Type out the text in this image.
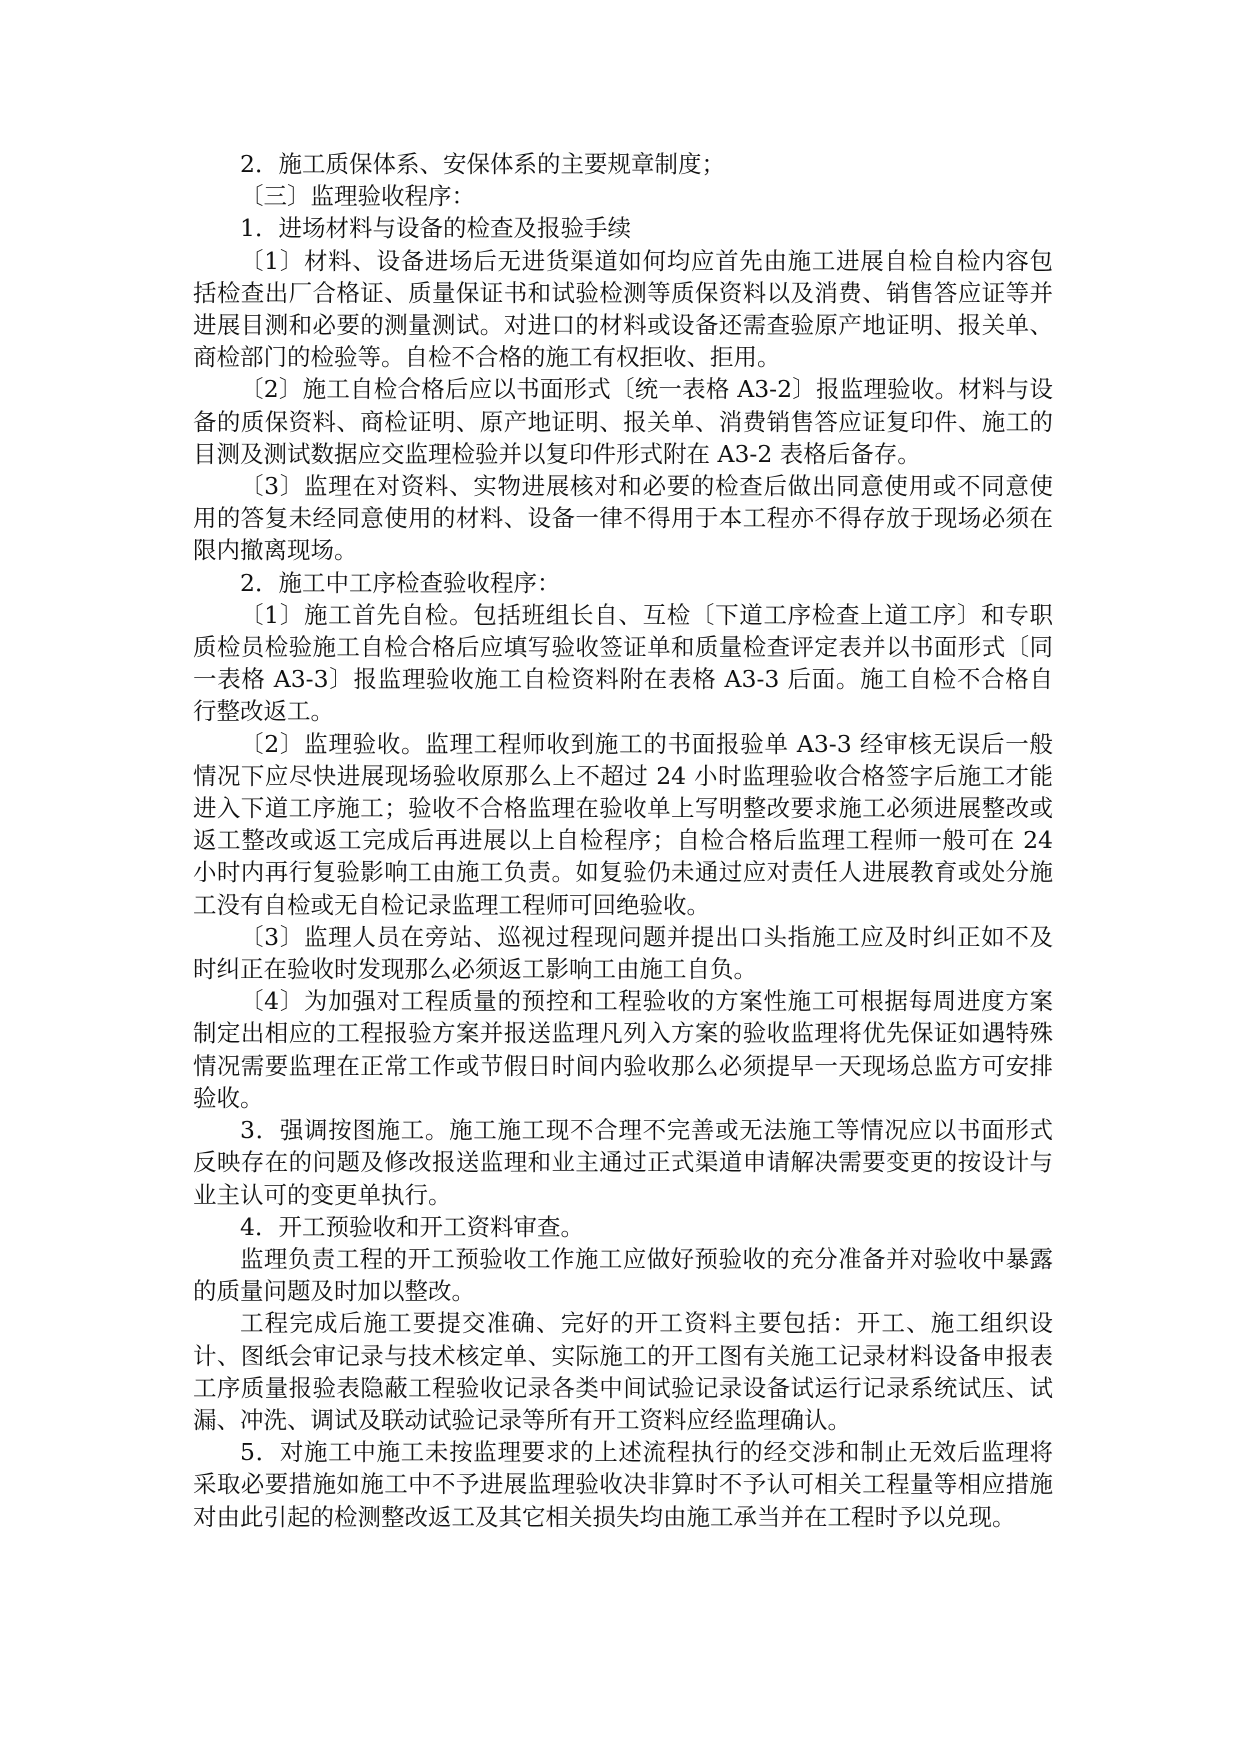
2．施工质保体系、安保体系的主要规章制度；

〔三〕监理验收程序：

1．进场材料与设备的检查及报验手续

〔1〕材料、设备进场后无进货渠道如何均应首先由施工进展自检自检内容包括检查出厂合格证、质量保证书和试验检测等质保资料以及消费、销售答应证等并进展目测和必要的测量测试。对进口的材料或设备还需查验原产地证明、报关单、商检部门的检验等。自检不合格的施工有权拒收、拒用。

〔2〕施工自检合格后应以书面形式〔统一表格 A3-2〕报监理验收。材料与设备的质保资料、商检证明、原产地证明、报关单、消费销售答应证复印件、施工的目测及测试数据应交监理检验并以复印件形式附在 A3-2 表格后备存。

〔3〕监理在对资料、实物进展核对和必要的检查后做出同意使用或不同意使用的答复未经同意使用的材料、设备一律不得用于本工程亦不得存放于现场必须在限内撤离现场。

2．施工中工序检查验收程序：

〔1〕施工首先自检。包括班组长自、互检〔下道工序检查上道工序〕和专职质检员检验施工自检合格后应填写验收签证单和质量检查评定表并以书面形式〔同一表格 A3-3〕报监理验收施工自检资料附在表格 A3-3 后面。施工自检不合格自行整改返工。

〔2〕监理验收。监理工程师收到施工的书面报验单 A3-3 经审核无误后一般情况下应尽快进展现场验收原那么上不超过 24 小时监理验收合格签字后施工才能进入下道工序施工；验收不合格监理在验收单上写明整改要求施工必须进展整改或返工整改或返工完成后再进展以上自检程序；自检合格后监理工程师一般可在 24 小时内再行复验影响工由施工负责。如复验仍未通过应对责任人进展教育或处分施工没有自检或无自检记录监理工程师可回绝验收。

〔3〕监理人员在旁站、巡视过程现问题并提出口头指施工应及时纠正如不及时纠正在验收时发现那么必须返工影响工由施工自负。

〔4〕为加强对工程质量的预控和工程验收的方案性施工可根据每周进度方案制定出相应的工程报验方案并报送监理凡列入方案的验收监理将优先保证如遇特殊情况需要监理在正常工作或节假日时间内验收那么必须提早一天现场总监方可安排验收。

3．强调按图施工。施工施工现不合理不完善或无法施工等情况应以书面形式反映存在的问题及修改报送监理和业主通过正式渠道申请解决需要变更的按设计与业主认可的变更单执行。

4．开工预验收和开工资料审查。

监理负责工程的开工预验收工作施工应做好预验收的充分准备并对验收中暴露的质量问题及时加以整改。

工程完成后施工要提交准确、完好的开工资料主要包括：开工、施工组织设计、图纸会审记录与技术核定单、实际施工的开工图有关施工记录材料设备申报表工序质量报验表隐蔽工程验收记录各类中间试验记录设备试运行记录系统试压、试漏、冲洗、调试及联动试验记录等所有开工资料应经监理确认。

5．对施工中施工未按监理要求的上述流程执行的经交涉和制止无效后监理将采取必要措施如施工中不予进展监理验收决非算时不予认可相关工程量等相应措施对由此引起的检测整改返工及其它相关损失均由施工承当并在工程时予以兑现。
